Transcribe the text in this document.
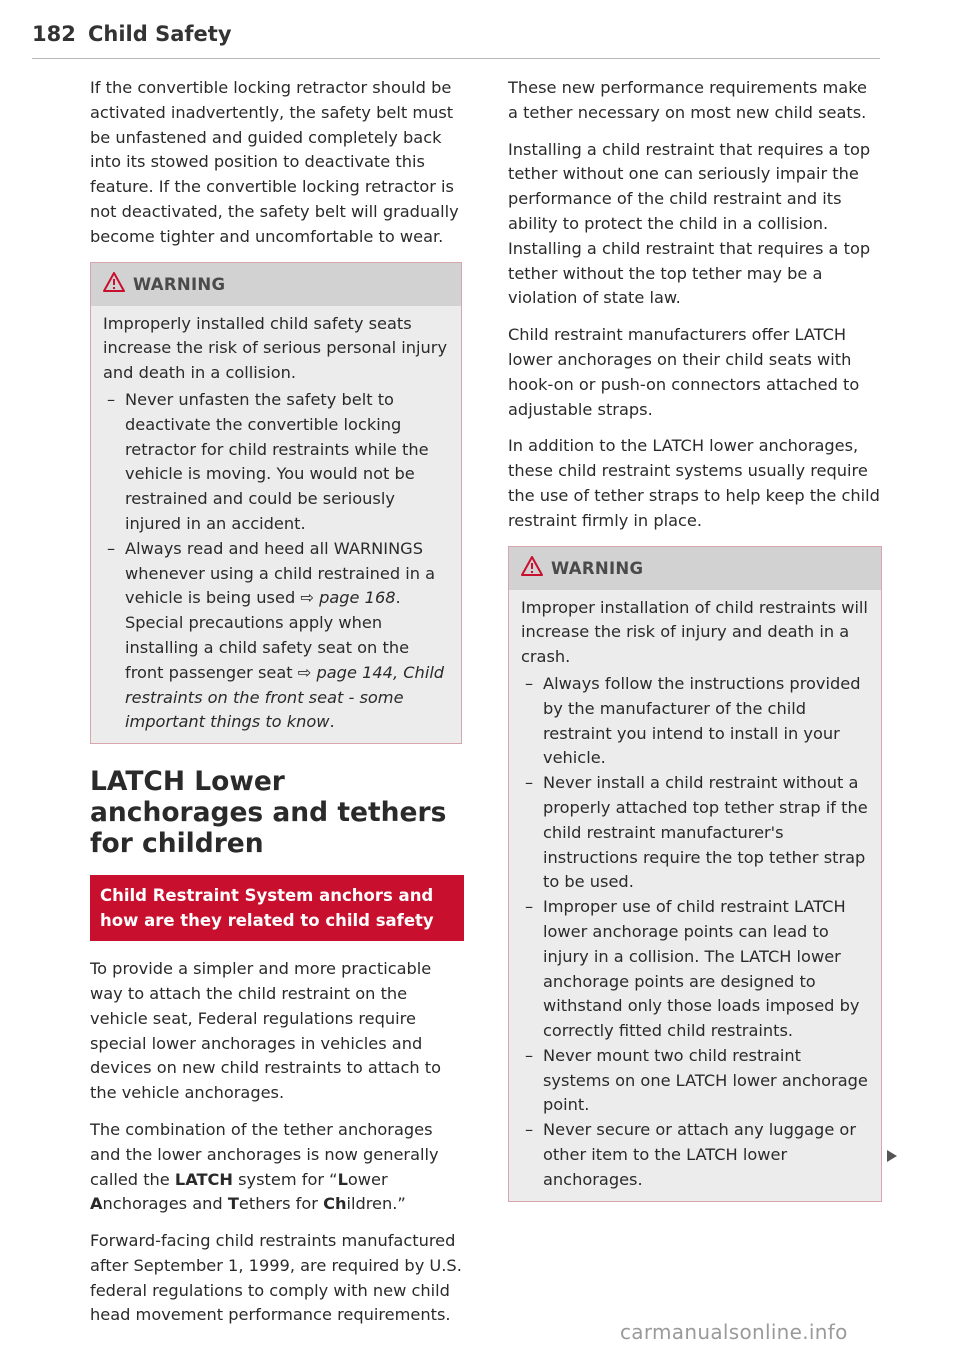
182 Child Safety

If the convertible locking retractor should be activated inadvertently, the safety belt must be unfastened and guided completely back into its stowed position to deactivate this feature. If the convertible locking retractor is not deactivated, the safety belt will gradually become tighter and uncomfortable to wear.

WARNING

Improperly installed child safety seats increase the risk of serious personal injury and death in a collision.

– Never unfasten the safety belt to deactivate the convertible locking retractor for child restraints while the vehicle is moving. You would not be restrained and could be seriously injured in an accident.
– Always read and heed all WARNINGS whenever using a child restrained in a vehicle is being used ⇨ page 168. Special precautions apply when installing a child safety seat on the front passenger seat ⇨ page 144, Child restraints on the front seat - some important things to know.
LATCH Lower anchorages and tethers for children
Child Restraint System anchors and how are they related to child safety

To provide a simpler and more practicable way to attach the child restraint on the vehicle seat, Federal regulations require special lower anchorages in vehicles and devices on new child restraints to attach to the vehicle anchorages.

The combination of the tether anchorages and the lower anchorages is now generally called the LATCH system for “Lower Anchorages and Tethers for Children.”

Forward-facing child restraints manufactured after September 1, 1999, are required by U.S. federal regulations to comply with new child head movement performance requirements.

These new performance requirements make a tether necessary on most new child seats.

Installing a child restraint that requires a top tether without one can seriously impair the performance of the child restraint and its ability to protect the child in a collision. Installing a child restraint that requires a top tether without the top tether may be a violation of state law.

Child restraint manufacturers offer LATCH lower anchorages on their child seats with hook-on or push-on connectors attached to adjustable straps.

In addition to the LATCH lower anchorages, these child restraint systems usually require the use of tether straps to help keep the child restraint firmly in place.

WARNING

Improper installation of child restraints will increase the risk of injury and death in a crash.

– Always follow the instructions provided by the manufacturer of the child restraint you intend to install in your vehicle.
– Never install a child restraint without a properly attached top tether strap if the child restraint manufacturer's instructions require the top tether strap to be used.
– Improper use of child restraint LATCH lower anchorage points can lead to injury in a collision. The LATCH lower anchorage points are designed to withstand only those loads imposed by correctly fitted child restraints.
– Never mount two child restraint systems on one LATCH lower anchorage point.
– Never secure or attach any luggage or other item to the LATCH lower anchorages.
carmanualsonline.info
